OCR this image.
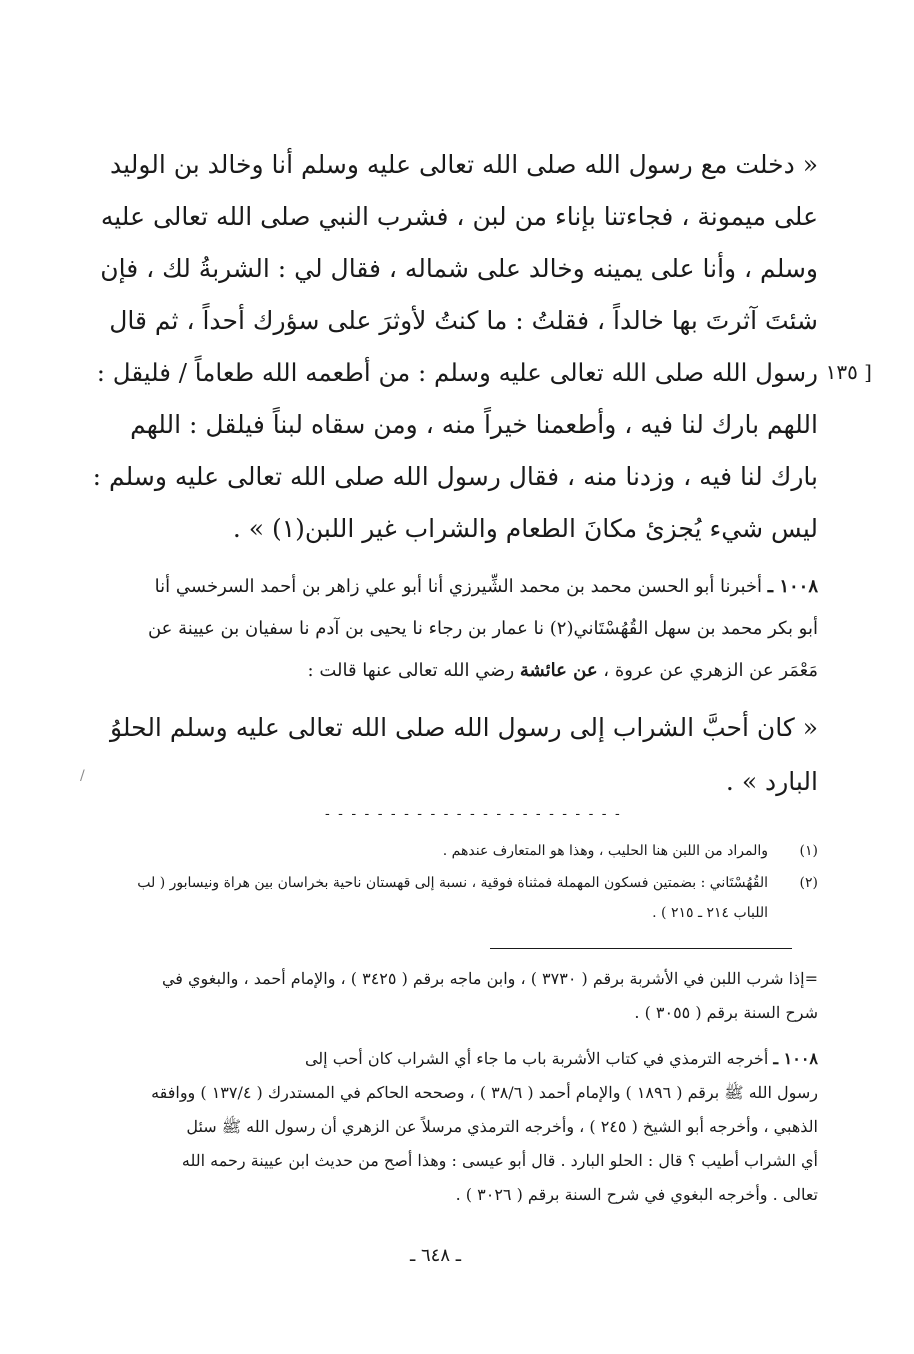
« دخلت مع رسول الله صلى الله تعالى عليه وسلم أنا وخالد بن الوليد
على ميمونة ، فجاءتنا بإناء من لبن ، فشرب النبي صلى الله تعالى عليه
وسلم ، وأنا على يمينه وخالد على شماله ، فقال لي : الشربةُ لك ، فإن
شئتَ آثرتَ بها خالداً ، فقلتُ : ما كنتُ لأوثرَ على سؤرك أحداً ، ثم قال
رسول الله صلى الله تعالى عليه وسلم : من أطعمه الله طعاماً / فليقل :
اللهم بارك لنا فيه ، وأطعمنا خيراً منه ، ومن سقاه لبناً فيلقل : اللهم
بارك لنا فيه ، وزدنا منه ، فقال رسول الله صلى الله تعالى عليه وسلم :
ليس شيء يُجزئ مكانَ الطعام والشراب غير اللبن(١) » .
[ ١٣٥
١٠٠٨ ـ أخبرنا أبو الحسن محمد بن محمد الشِّيرزي أنا أبو علي زاهر بن أحمد السرخسي أنا
أبو بكر محمد بن سهل القُهُسْتَاني(٢) نا عمار بن رجاء نا يحيى بن آدم نا سفيان بن عيينة عن
مَعْمَر عن الزهري عن عروة ، عن عائشة رضي الله تعالى عنها قالت :
« كان أحبَّ الشراب إلى رسول الله صلى الله تعالى عليه وسلم الحلوُ
البارد » .
/
- - - - - - - - - - - - - - - - - - - - - - -
(١)
والمراد من اللبن هنا الحليب ، وهذا هو المتعارف عندهم .
(٢)
القُهُسْتَاني : بضمتين فسكون المهملة فمثناة فوقية ، نسبة إلى قهستان ناحية بخراسان بين هراة ونيسابور ( لب
اللباب ٢١٤ ـ ٢١٥ ) .
=إذا شرب اللبن في الأشربة برقم ( ٣٧٣٠ ) ، وابن ماجه برقم ( ٣٤٢٥ ) ، والإمام أحمد ، والبغوي في
شرح السنة برقم ( ٣٠٥٥ ) .
١٠٠٨ ـ أخرجه الترمذي في كتاب الأشربة باب ما جاء أي الشراب كان أحب إلى
رسول الله ﷺ برقم ( ١٨٩٦ ) والإمام أحمد ( ٣٨/٦ ) ، وصححه الحاكم في المستدرك ( ١٣٧/٤ ) ووافقه
الذهبي ، وأخرجه أبو الشيخ ( ٢٤٥ ) ، وأخرجه الترمذي مرسلاً عن الزهري أن رسول الله ﷺ سئل
أي الشراب أطيب ؟ قال : الحلو البارد . قال أبو عيسى : وهذا أصح من حديث ابن عيينة رحمه الله
تعالى . وأخرجه البغوي في شرح السنة برقم ( ٣٠٢٦ ) .
ـ ٦٤٨ ـ
